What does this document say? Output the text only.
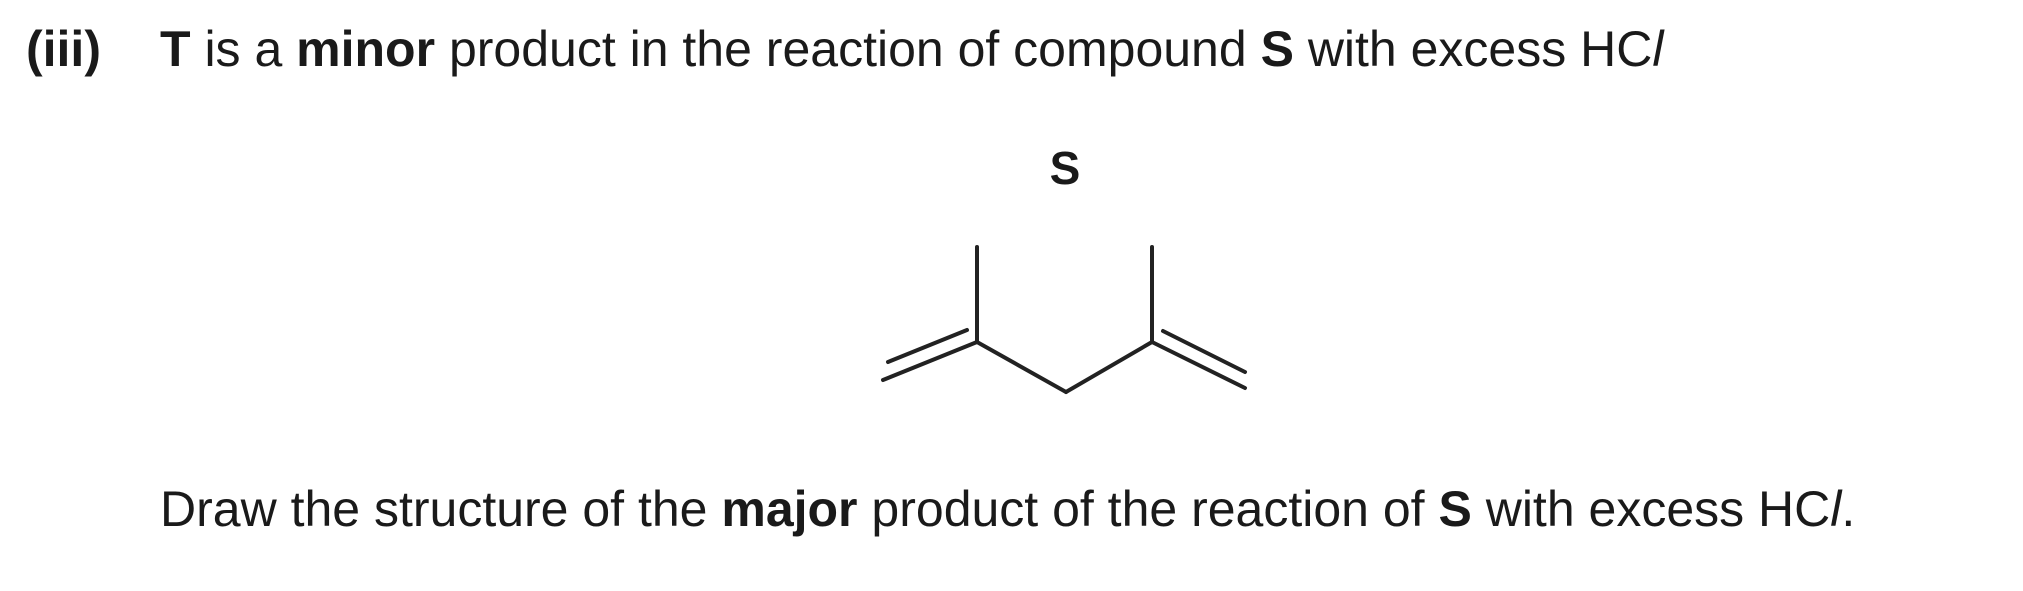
(iii) T is a minor product in the reaction of compound S with excess HCl
S
Draw the structure of the major product of the reaction of S with excess HCl.
